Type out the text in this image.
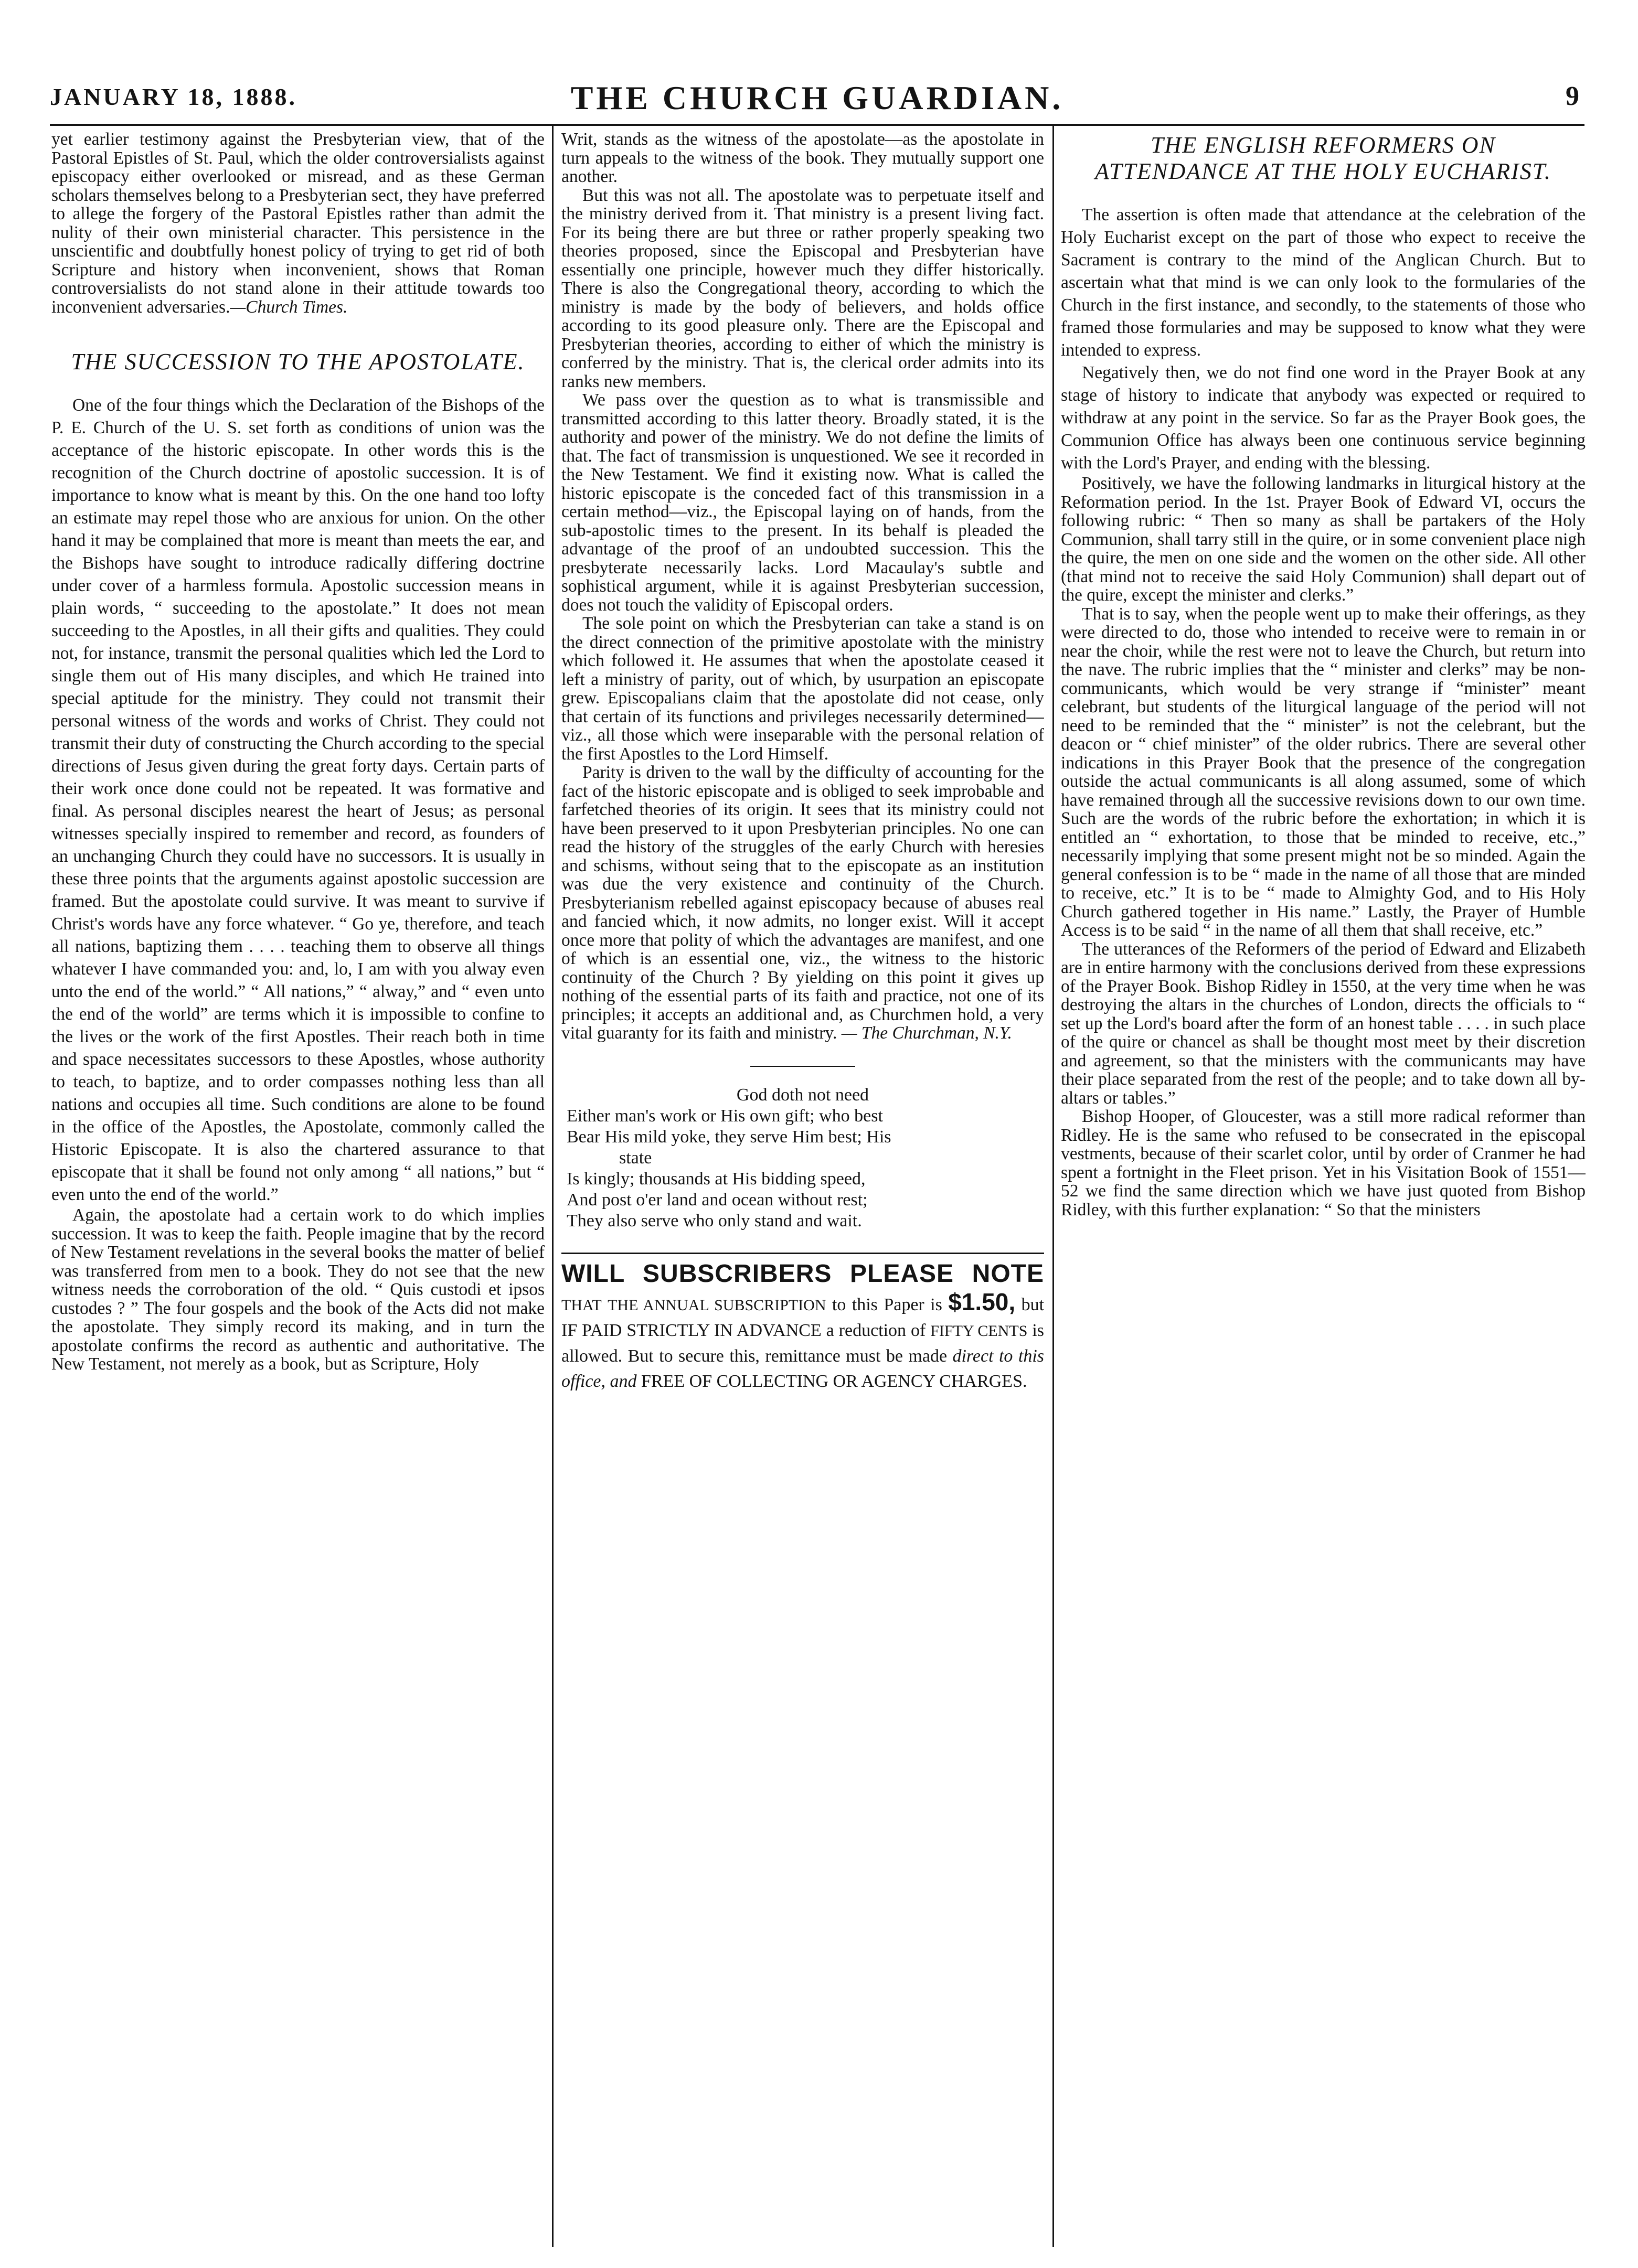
JANUARY 18, 1888.	THE CHURCH GUARDIAN.	9

yet earlier testimony against the Presbyterian view, that of the Pastoral Epistles of St. Paul, which the older controversialists against episcopacy either overlooked or misread, and as these German scholars themselves belong to a Presbyterian sect, they have preferred to allege the forgery of the Pastoral Epistles rather than admit the nulity of their own ministerial character. This persistence in the unscientific and doubtfully honest policy of trying to get rid of both Scripture and history when inconvenient, shows that Roman controversialists do not stand alone in their attitude towards too inconvenient adversaries.—Church Times.

THE SUCCESSION TO THE APOSTOLATE.

One of the four things which the Declaration of the Bishops of the P. E. Church of the U. S. set forth as conditions of union was the acceptance of the historic episcopate. In other words this is the recognition of the Church doctrine of apostolic succession. It is of importance to know what is meant by this. On the one hand too lofty an estimate may repel those who are anxious for union. On the other hand it may be complained that more is meant than meets the ear, and the Bishops have sought to introduce radically differing doctrine under cover of a harmless formula. Apostolic succession means in plain words, “ succeeding to the apostolate.” It does not mean succeeding to the Apostles, in all their gifts and qualities. They could not, for instance, transmit the personal qualities which led the Lord to single them out of His many disciples, and which He trained into special aptitude for the ministry. They could not transmit their personal witness of the words and works of Christ. They could not transmit their duty of constructing the Church according to the special directions of Jesus given during the great forty days. Certain parts of their work once done could not be repeated. It was formative and final. As personal disciples nearest the heart of Jesus; as personal witnesses specially inspired to remember and record, as founders of an unchanging Church they could have no successors. It is usually in these three points that the arguments against apostolic succession are framed. But the apostolate could survive. It was meant to survive if Christ's words have any force whatever. “ Go ye, therefore, and teach all nations, baptizing them . . . . teaching them to observe all things whatever I have commanded you: and, lo, I am with you alway even unto the end of the world.” “ All nations,” “ alway,” and “ even unto the end of the world” are terms which it is impossible to confine to the lives or the work of the first Apostles. Their reach both in time and space necessitates successors to these Apostles, whose authority to teach, to baptize, and to order compasses nothing less than all nations and occupies all time. Such conditions are alone to be found in the office of the Apostles, the Apostolate, commonly called the Historic Episcopate. It is also the chartered assurance to that episcopate that it shall be found not only among “ all nations,” but “ even unto the end of the world.”

Again, the apostolate had a certain work to do which implies succession. It was to keep the faith. People imagine that by the record of New Testament revelations in the several books the matter of belief was transferred from men to a book. They do not see that the new witness needs the corroboration of the old. “ Quis custodi et ipsos custodes ? ” The four gospels and the book of the Acts did not make the apostolate. They simply record its making, and in turn the apostolate confirms the record as authentic and authoritative. The New Testament, not merely as a book, but as Scripture, Holy

Writ, stands as the witness of the apostolate—as the apostolate in turn appeals to the witness of the book. They mutually support one another.

But this was not all. The apostolate was to perpetuate itself and the ministry derived from it. That ministry is a present living fact. For its being there are but three or rather properly speaking two theories proposed, since the Episcopal and Presbyterian have essentially one principle, however much they differ historically. There is also the Congregational theory, according to which the ministry is made by the body of believers, and holds office according to its good pleasure only. There are the Episcopal and Presbyterian theories, according to either of which the ministry is conferred by the ministry. That is, the clerical order admits into its ranks new members.

We pass over the question as to what is transmissible and transmitted according to this latter theory. Broadly stated, it is the authority and power of the ministry. We do not define the limits of that. The fact of transmission is unquestioned. We see it recorded in the New Testament. We find it existing now. What is called the historic episcopate is the conceded fact of this transmission in a certain method—viz., the Episcopal laying on of hands, from the sub-apostolic times to the present. In its behalf is pleaded the advantage of the proof of an undoubted succession. This the presbyterate necessarily lacks. Lord Macaulay's subtle and sophistical argument, while it is against Presbyterian succession, does not touch the validity of Episcopal orders.

The sole point on which the Presbyterian can take a stand is on the direct connection of the primitive apostolate with the ministry which followed it. He assumes that when the apostolate ceased it left a ministry of parity, out of which, by usurpation an episcopate grew. Episcopalians claim that the apostolate did not cease, only that certain of its functions and privileges necessarily determined—viz., all those which were inseparable with the personal relation of the first Apostles to the Lord Himself.

Parity is driven to the wall by the difficulty of accounting for the fact of the historic episcopate and is obliged to seek improbable and farfetched theories of its origin. It sees that its ministry could not have been preserved to it upon Presbyterian principles. No one can read the history of the struggles of the early Church with heresies and schisms, without seing that to the episcopate as an institution was due the very existence and continuity of the Church. Presbyterianism rebelled against episcopacy because of abuses real and fancied which, it now admits, no longer exist. Will it accept once more that polity of which the advantages are manifest, and one of which is an essential one, viz., the witness to the historic continuity of the Church ? By yielding on this point it gives up nothing of the essential parts of its faith and practice, not one of its principles; it accepts an additional and, as Churchmen hold, a very vital guaranty for its faith and ministry. — The Churchman, N.Y.

God doth not need
Either man's work or His own gift; who best
Bear His mild yoke, they serve Him best; His
state
Is kingly; thousands at His bidding speed,
And post o'er land and ocean without rest;
They also serve who only stand and wait.
WILL SUBSCRIBERS PLEASE NOTE THAT THE ANNUAL SUBSCRIPTION to this Paper is $1.50, but IF PAID STRICTLY IN ADVANCE a reduction of FIFTY CENTS is allowed. But to secure this, remittance must be made direct to this office, and FREE OF COLLECTING OR AGENCY CHARGES.
THE ENGLISH REFORMERS ON ATTENDANCE AT THE HOLY EUCHARIST.

The assertion is often made that attendance at the celebration of the Holy Eucharist except on the part of those who expect to receive the Sacrament is contrary to the mind of the Anglican Church. But to ascertain what that mind is we can only look to the formularies of the Church in the first instance, and secondly, to the statements of those who framed those formularies and may be supposed to know what they were intended to express.

Negatively then, we do not find one word in the Prayer Book at any stage of history to indicate that anybody was expected or required to withdraw at any point in the service. So far as the Prayer Book goes, the Communion Office has always been one continuous service beginning with the Lord's Prayer, and ending with the blessing.

Positively, we have the following landmarks in liturgical history at the Reformation period. In the 1st. Prayer Book of Edward VI, occurs the following rubric: “ Then so many as shall be partakers of the Holy Communion, shall tarry still in the quire, or in some convenient place nigh the quire, the men on one side and the women on the other side. All other (that mind not to receive the said Holy Communion) shall depart out of the quire, except the minister and clerks.”

That is to say, when the people went up to make their offerings, as they were directed to do, those who intended to receive were to remain in or near the choir, while the rest were not to leave the Church, but return into the nave. The rubric implies that the “ minister and clerks” may be non-communicants, which would be very strange if “minister” meant celebrant, but students of the liturgical language of the period will not need to be reminded that the “ minister” is not the celebrant, but the deacon or “ chief minister” of the older rubrics. There are several other indications in this Prayer Book that the presence of the congregation outside the actual communicants is all along assumed, some of which have remained through all the successive revisions down to our own time. Such are the words of the rubric before the exhortation; in which it is entitled an “ exhortation, to those that be minded to receive, etc.,” necessarily implying that some present might not be so minded. Again the general confession is to be “ made in the name of all those that are minded to receive, etc.” It is to be “ made to Almighty God, and to His Holy Church gathered together in His name.” Lastly, the Prayer of Humble Access is to be said “ in the name of all them that shall receive, etc.”

The utterances of the Reformers of the period of Edward and Elizabeth are in entire harmony with the conclusions derived from these expressions of the Prayer Book. Bishop Ridley in 1550, at the very time when he was destroying the altars in the churches of London, directs the officials to “ set up the Lord's board after the form of an honest table . . . . in such place of the quire or chancel as shall be thought most meet by their discretion and agreement, so that the ministers with the communicants may have their place separated from the rest of the people; and to take down all by-altars or tables.”

Bishop Hooper, of Gloucester, was a still more radical reformer than Ridley. He is the same who refused to be consecrated in the episcopal vestments, because of their scarlet color, until by order of Cranmer he had spent a fortnight in the Fleet prison. Yet in his Visitation Book of 1551—52 we find the same direction which we have just quoted from Bishop Ridley, with this further explanation: “ So that the ministers
